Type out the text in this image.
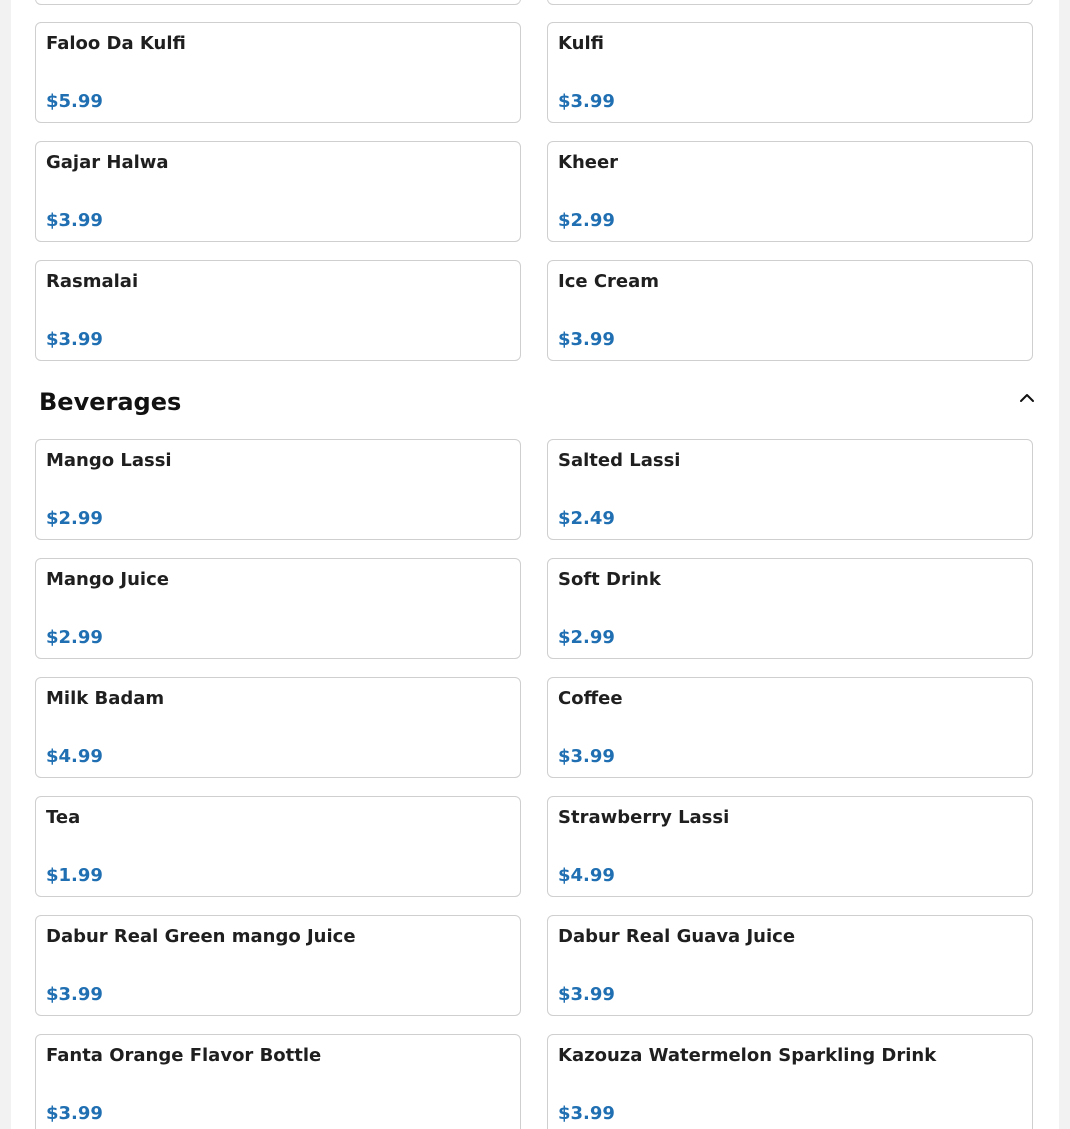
Faloo Da Kulfi
$5.99
Kulfi
$3.99
Gajar Halwa
$3.99
Kheer
$2.99
Rasmalai
$3.99
Ice Cream
$3.99
Beverages
Mango Lassi
$2.99
Salted Lassi
$2.49
Mango Juice
$2.99
Soft Drink
$2.99
Milk Badam
$4.99
Coffee
$3.99
Tea
$1.99
Strawberry Lassi
$4.99
Dabur Real Green mango Juice
$3.99
Dabur Real Guava Juice
$3.99
Fanta Orange Flavor Bottle
$3.99
Kazouza Watermelon Sparkling Drink
$3.99
